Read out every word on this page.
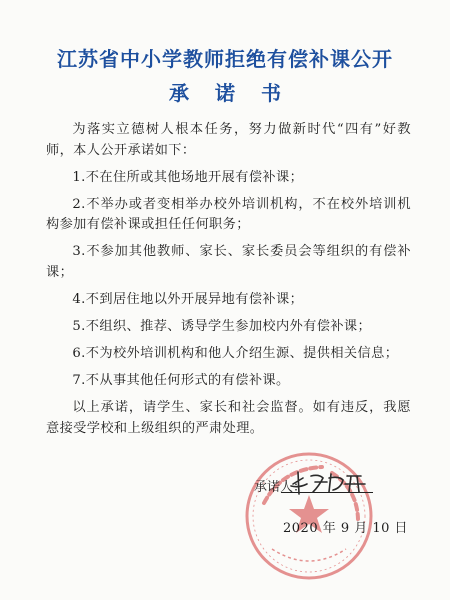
江苏省中小学教师拒绝有偿补课公开
承诺书

为落实立德树人根本任务，努力做新时代“四有”好教师，本人公开承诺如下：

1.不在住所或其他场地开展有偿补课；

2.不举办或者变相举办校外培训机构，不在校外培训机构参加有偿补课或担任任何职务；

3.不参加其他教师、家长、家长委员会等组织的有偿补课；

4.不到居住地以外开展异地有偿补课；

5.不组织、推荐、诱导学生参加校内外有偿补课；

6.不为校外培训机构和他人介绍生源、提供相关信息；

7.不从事其他任何形式的有偿补课。

以上承诺，请学生、家长和社会监督。如有违反，我愿意接受学校和上级组织的严肃处理。

承诺人：
2020 年 9 月 10 日
